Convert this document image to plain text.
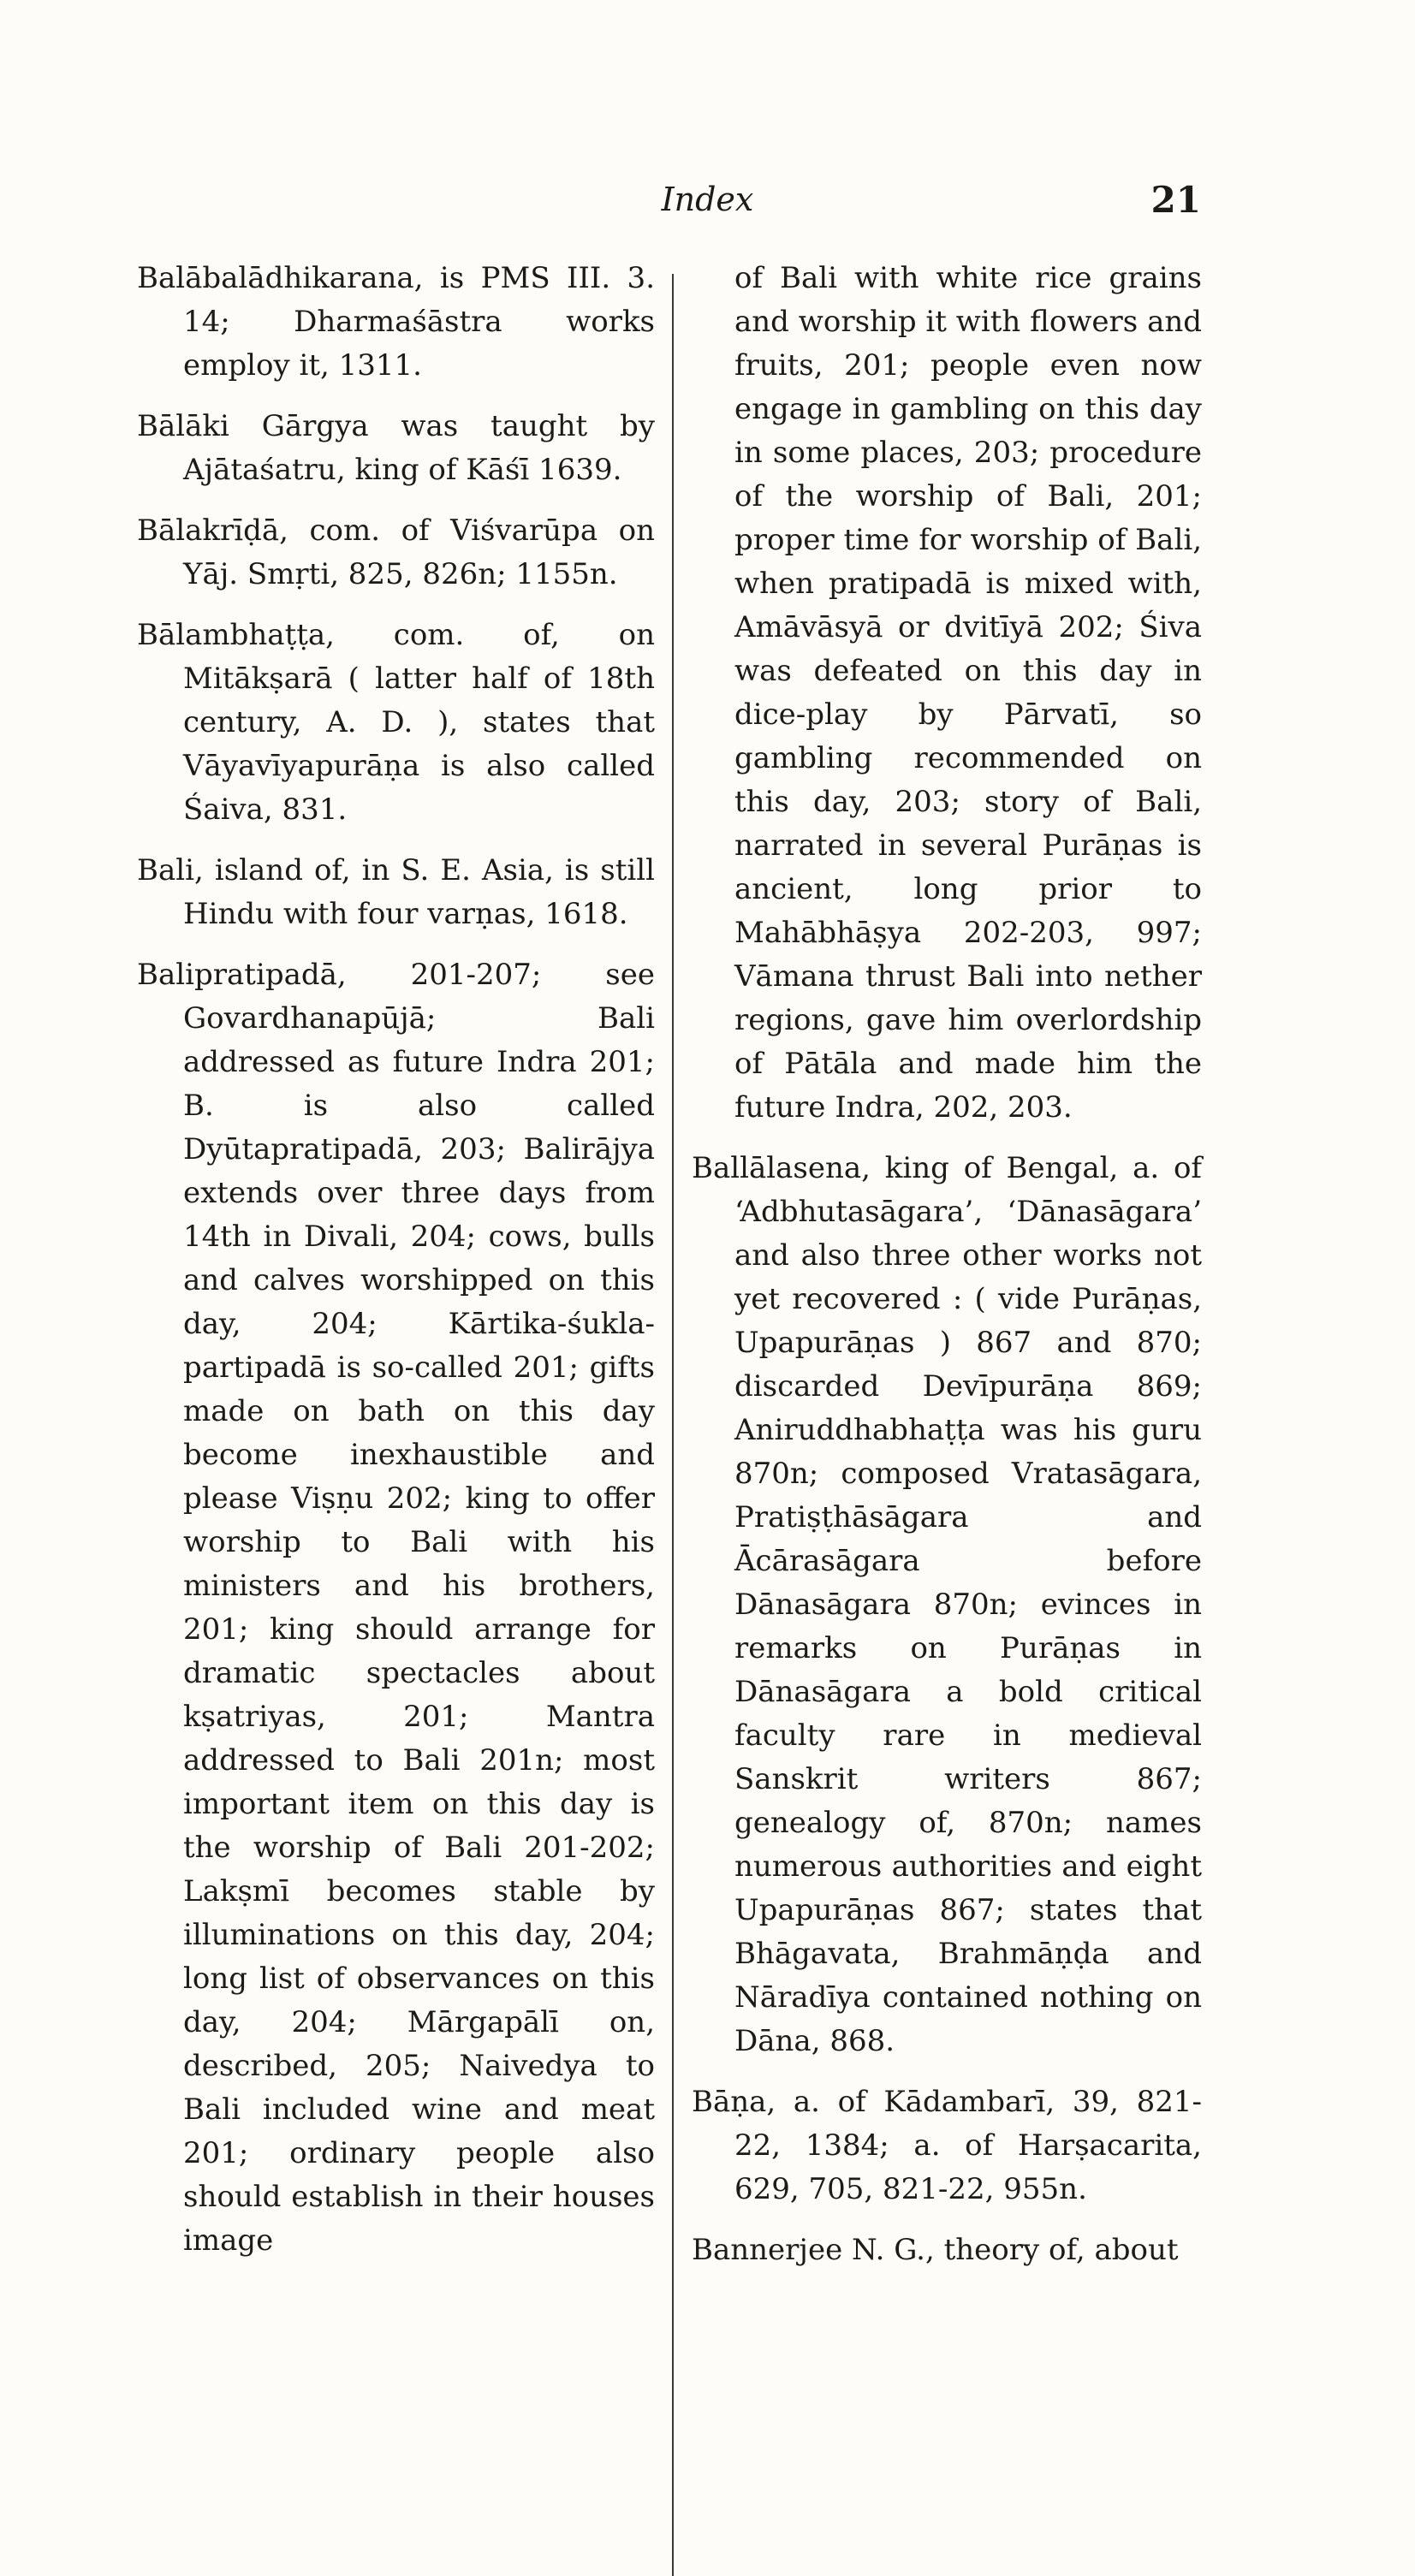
Index	21

Balābalādhikarana, is PMS III. 3. 14; Dharmaśāstra works employ it, 1311.

Bālāki Gārgya was taught by Ajātaśatru, king of Kāśī 1639.

Bālakrīḍā, com. of Viśvarūpa on Yāj. Smṛti, 825, 826n; 1155n.

Bālambhaṭṭa, com. of, on Mitākṣarā ( latter half of 18th century, A. D. ), states that Vāyavīyapurāṇa is also called Śaiva, 831.

Bali, island of, in S. E. Asia, is still Hindu with four varṇas, 1618.

Balipratipadā, 201-207; see Govardhanapūjā; Bali addressed as future Indra 201; B. is also called Dyūtapratipadā, 203; Balirājya extends over three days from 14th in Divali, 204; cows, bulls and calves worshipped on this day, 204; Kārtika-śukla-partipadā is so-called 201; gifts made on bath on this day become inexhaustible and please Viṣṇu 202; king to offer worship to Bali with his ministers and his brothers, 201; king should arrange for dramatic spectacles about kṣatriyas, 201; Mantra addressed to Bali 201n; most important item on this day is the worship of Bali 201-202; Lakṣmī becomes stable by illuminations on this day, 204; long list of observances on this day, 204; Mārgapālī on, described, 205; Naivedya to Bali included wine and meat 201; ordinary people also should establish in their houses image

of Bali with white rice grains and worship it with flowers and fruits, 201; people even now engage in gambling on this day in some places, 203; procedure of the worship of Bali, 201; proper time for worship of Bali, when pratipadā is mixed with, Amāvāsyā or dvitīyā 202; Śiva was defeated on this day in dice-play by Pārvatī, so gambling recommended on this day, 203; story of Bali, narrated in several Purāṇas is ancient, long prior to Mahābhāṣya 202-203, 997; Vāmana thrust Bali into nether regions, gave him overlordship of Pātāla and made him the future Indra, 202, 203.

Ballālasena, king of Bengal, a. of ‘Adbhutasāgara’, ‘Dānasāgara’ and also three other works not yet recovered : ( vide Purāṇas, Upapurāṇas ) 867 and 870; discarded Devīpurāṇa 869; Aniruddhabhaṭṭa was his guru 870n; composed Vratasāgara, Pratiṣṭhāsāgara and Ācārasāgara before Dānasāgara 870n; evinces in remarks on Purāṇas in Dānasāgara a bold critical faculty rare in medieval Sanskrit writers 867; genealogy of, 870n; names numerous authorities and eight Upapurāṇas 867; states that Bhāgavata, Brahmāṇḍa and Nāradīya contained nothing on Dāna, 868.

Bāṇa, a. of Kādambarī, 39, 821-22, 1384; a. of Harṣacarita, 629, 705, 821-22, 955n.

Bannerjee N. G., theory of, about
